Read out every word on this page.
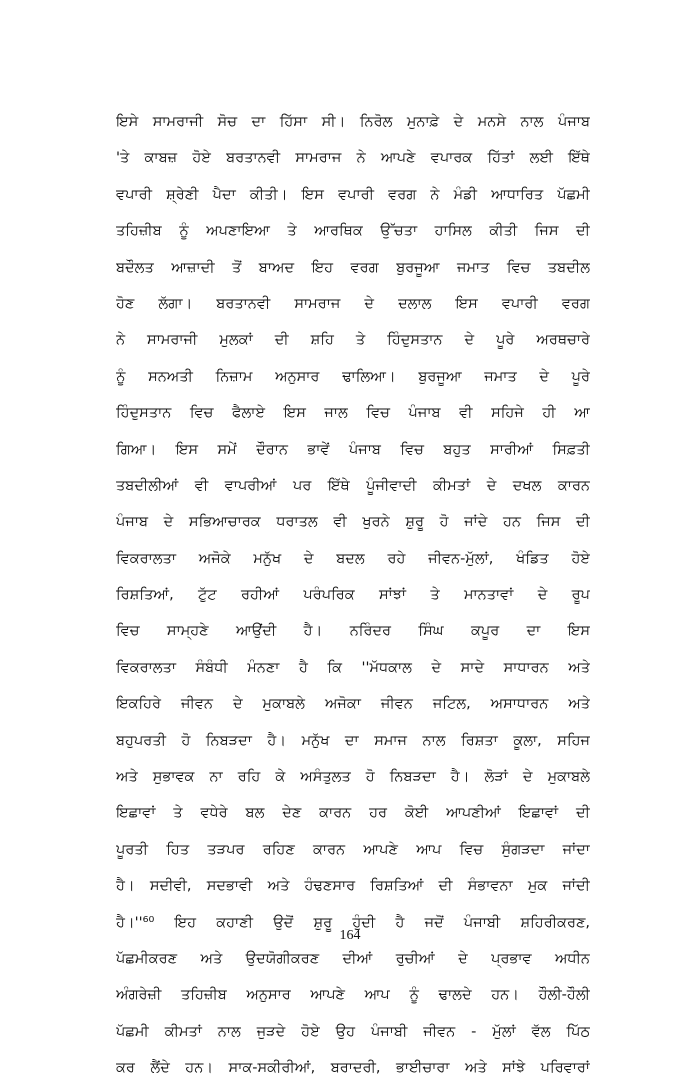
ਇਸੇ ਸਾਮਰਾਜੀ ਸੋਚ ਦਾ ਹਿੱਸਾ ਸੀ। ਨਿਰੋਲ ਮੁਨਾਫ਼ੇ ਦੇ ਮਨਸੇ ਨਾਲ ਪੰਜਾਬ
'ਤੇ ਕਾਬਜ਼ ਹੋਏ ਬਰਤਾਨਵੀ ਸਾਮਰਾਜ ਨੇ ਆਪਣੇ ਵਪਾਰਕ ਹਿੱਤਾਂ ਲਈ ਇੱਥੇ
ਵਪਾਰੀ ਸ਼੍ਰੇਣੀ ਪੈਦਾ ਕੀਤੀ। ਇਸ ਵਪਾਰੀ ਵਰਗ ਨੇ ਮੰਡੀ ਆਧਾਰਿਤ ਪੱਛਮੀ
ਤਹਿਜ਼ੀਬ ਨੂੰ ਅਪਣਾਇਆ ਤੇ ਆਰਥਿਕ ਉੱਚਤਾ ਹਾਸਿਲ ਕੀਤੀ ਜਿਸ ਦੀ
ਬਦੌਲਤ ਆਜ਼ਾਦੀ ਤੋਂ ਬਾਅਦ ਇਹ ਵਰਗ ਬੁਰਜੂਆ ਜਮਾਤ ਵਿਚ ਤਬਦੀਲ
ਹੋਣ ਲੱਗਾ। ਬਰਤਾਨਵੀ ਸਾਮਰਾਜ ਦੇ ਦਲਾਲ ਇਸ ਵਪਾਰੀ ਵਰਗ
ਨੇ ਸਾਮਰਾਜੀ ਮੁਲਕਾਂ ਦੀ ਸ਼ਹਿ ਤੇ ਹਿੰਦੁਸਤਾਨ ਦੇ ਪੂਰੇ ਅਰਥਚਾਰੇ
ਨੂੰ ਸਨਅਤੀ ਨਿਜ਼ਾਮ ਅਨੁਸਾਰ ਢਾਲਿਆ। ਬੁਰਜੂਆ ਜਮਾਤ ਦੇ ਪੂਰੇ
ਹਿੰਦੁਸਤਾਨ ਵਿਚ ਫੈਲਾਏ ਇਸ ਜਾਲ ਵਿਚ ਪੰਜਾਬ ਵੀ ਸਹਿਜੇ ਹੀ ਆ
ਗਿਆ। ਇਸ ਸਮੇਂ ਦੌਰਾਨ ਭਾਵੇਂ ਪੰਜਾਬ ਵਿਚ ਬਹੁਤ ਸਾਰੀਆਂ ਸਿਫ਼ਤੀ
ਤਬਦੀਲੀਆਂ ਵੀ ਵਾਪਰੀਆਂ ਪਰ ਇੱਥੇ ਪੂੰਜੀਵਾਦੀ ਕੀਮਤਾਂ ਦੇ ਦਖਲ ਕਾਰਨ
ਪੰਜਾਬ ਦੇ ਸਭਿਆਚਾਰਕ ਧਰਾਤਲ ਵੀ ਖੁਰਨੇ ਸ਼ੁਰੂ ਹੋ ਜਾਂਦੇ ਹਨ ਜਿਸ ਦੀ
ਵਿਕਰਾਲਤਾ ਅਜੋਕੇ ਮਨੁੱਖ ਦੇ ਬਦਲ ਰਹੇ ਜੀਵਨ-ਮੁੱਲਾਂ, ਖੰਡਿਤ ਹੋਏ
ਰਿਸ਼ਤਿਆਂ, ਟੁੱਟ ਰਹੀਆਂ ਪਰੰਪਰਿਕ ਸਾਂਝਾਂ ਤੇ ਮਾਨਤਾਵਾਂ ਦੇ ਰੂਪ
ਵਿਚ ਸਾਮ੍ਹਣੇ ਆਉਂਦੀ ਹੈ। ਨਰਿੰਦਰ ਸਿੰਘ ਕਪੂਰ ਦਾ ਇਸ
ਵਿਕਰਾਲਤਾ ਸੰਬੰਧੀ ਮੰਨਣਾ ਹੈ ਕਿ ''ਮੱਧਕਾਲ ਦੇ ਸਾਦੇ ਸਾਧਾਰਨ ਅਤੇ
ਇਕਹਿਰੇ ਜੀਵਨ ਦੇ ਮੁਕਾਬਲੇ ਅਜੋਕਾ ਜੀਵਨ ਜਟਿਲ, ਅਸਾਧਾਰਨ ਅਤੇ
ਬਹੁਪਰਤੀ ਹੋ ਨਿਬੜਦਾ ਹੈ। ਮਨੁੱਖ ਦਾ ਸਮਾਜ ਨਾਲ ਰਿਸ਼ਤਾ ਕੂਲਾ, ਸਹਿਜ
ਅਤੇ ਸੁਭਾਵਕ ਨਾ ਰਹਿ ਕੇ ਅਸੰਤੁਲਤ ਹੋ ਨਿਬੜਦਾ ਹੈ। ਲੋੜਾਂ ਦੇ ਮੁਕਾਬਲੇ
ਇਛਾਵਾਂ ਤੇ ਵਧੇਰੇ ਬਲ ਦੇਣ ਕਾਰਨ ਹਰ ਕੋਈ ਆਪਣੀਆਂ ਇਛਾਵਾਂ ਦੀ
ਪੂਰਤੀ ਹਿਤ ਤੜਪਰ ਰਹਿਣ ਕਾਰਨ ਆਪਣੇ ਆਪ ਵਿਚ ਸੁੰਗੜਦਾ ਜਾਂਦਾ
ਹੈ। ਸਦੀਵੀ, ਸਦਭਾਵੀ ਅਤੇ ਹੰਢਣਸਾਰ ਰਿਸ਼ਤਿਆਂ ਦੀ ਸੰਭਾਵਨਾ ਮੁਕ ਜਾਂਦੀ
ਹੈ।''⁶⁰ ਇਹ ਕਹਾਣੀ ਉਦੋਂ ਸ਼ੁਰੂ ਹੁੰਦੀ ਹੈ ਜਦੋਂ ਪੰਜਾਬੀ ਸ਼ਹਿਰੀਕਰਣ,
ਪੱਛਮੀਕਰਣ ਅਤੇ ਉਦਯੋਗੀਕਰਣ ਦੀਆਂ ਰੁਚੀਆਂ ਦੇ ਪ੍ਰਭਾਵ ਅਧੀਨ
ਅੰਗਰੇਜ਼ੀ ਤਹਿਜ਼ੀਬ ਅਨੁਸਾਰ ਆਪਣੇ ਆਪ ਨੂੰ ਢਾਲਦੇ ਹਨ। ਹੌਲੀ-ਹੌਲੀ
ਪੱਛਮੀ ਕੀਮਤਾਂ ਨਾਲ ਜੁੜਦੇ ਹੋਏ ਉਹ ਪੰਜਾਬੀ ਜੀਵਨ - ਮੁੱਲਾਂ ਵੱਲ ਪਿੱਠ
ਕਰ ਲੈਂਦੇ ਹਨ। ਸਾਕ-ਸਕੀਰੀਆਂ, ਬਰਾਦਰੀ, ਭਾਈਚਾਰਾ ਅਤੇ ਸਾਂਝੇ ਪਰਿਵਾਰਾਂ
164
